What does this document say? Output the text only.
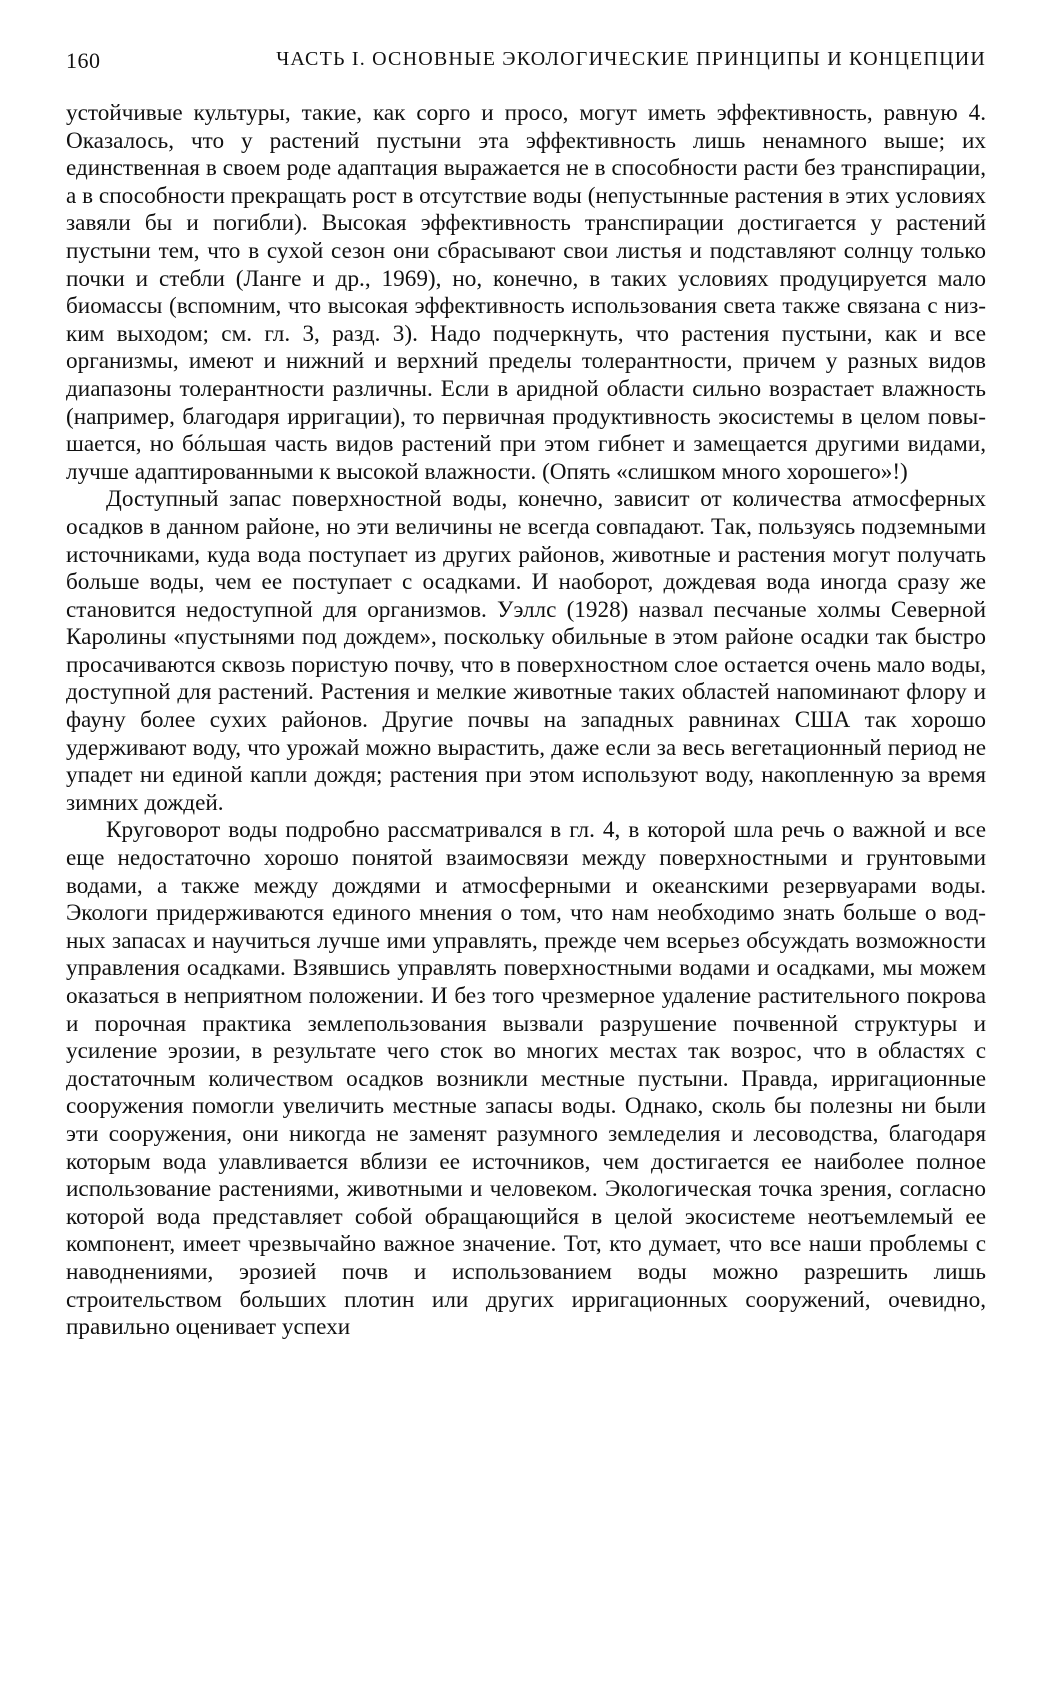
160	ЧАСТЬ I. ОСНОВНЫЕ ЭКОЛОГИЧЕСКИЕ ПРИНЦИПЫ И КОНЦЕПЦИИ

устойчивые культуры, такие, как сорго и просо, могут иметь эффективность, равную 4. Оказалось, что у растений пустыни эта эффективность лишь ненамного выше; их единственная в своем роде адаптация выражается не в способности расти без транспирации, а в способности прекращать рост в отсутствие воды (непустынные растения в этих условиях завяли бы и погибли). Высокая эффективность транспирации достигается у растений пустыни тем, что в сухой сезон они сбрасывают свои листья и подставляют солнцу только почки и стебли (Ланге и др., 1969), но, конечно, в таких условиях продуцируется мало биомассы (вспомним, что высокая эффективность использования света также связана с низким выходом; см. гл. 3, разд. 3). Надо подчеркнуть, что растения пустыни, как и все организмы, имеют и нижний и верхний пределы толерантности, причем у разных видов диапазоны толерантности различны. Если в аридной области сильно возрастает влажность (например, благодаря ирригации), то первичная продуктивность экосистемы в целом повышается, но бóльшая часть видов растений при этом гибнет и замещается другими видами, лучше адаптированными к высокой влажности. (Опять «слишком много хорошего»!)

Доступный запас поверхностной воды, конечно, зависит от количества атмосферных осадков в данном районе, но эти величины не всегда совпадают. Так, пользуясь подземными источниками, куда вода поступает из других районов, животные и растения могут получать больше воды, чем ее поступает с осадками. И наоборот, дождевая вода иногда сразу же становится недоступной для организмов. Уэллс (1928) назвал песчаные холмы Северной Каролины «пустынями под дождем», поскольку обильные в этом районе осадки так быстро просачиваются сквозь пористую почву, что в поверхностном слое остается очень мало воды, доступной для растений. Растения и мелкие животные таких областей напоминают флору и фауну более сухих районов. Другие почвы на западных равнинах США так хорошо удерживают воду, что урожай можно вырастить, даже если за весь вегетационный период не упадет ни единой капли дождя; растения при этом используют воду, накопленную за время зимних дождей.

Круговорот воды подробно рассматривался в гл. 4, в которой шла речь о важной и все еще недостаточно хорошо понятой взаимосвязи между поверхностными и грунтовыми водами, а также между дождями и атмосферными и океанскими резервуарами воды. Экологи придерживаются единого мнения о том, что нам необходимо знать больше о водных запасах и научиться лучше ими управлять, прежде чем всерьез обсуждать возможности управления осадками. Взявшись управлять поверхностными водами и осадками, мы можем оказаться в неприятном положении. И без того чрезмерное удаление растительного покрова и порочная практика землепользования вызвали разрушение почвенной структуры и усиление эрозии, в результате чего сток во многих местах так возрос, что в областях с достаточным количеством осадков возникли местные пустыни. Правда, ирригационные сооружения помогли увеличить местные запасы воды. Однако, сколь бы полезны ни были эти сооружения, они никогда не заменят разумного земледелия и лесоводства, благодаря которым вода улавливается вблизи ее источников, чем достигается ее наиболее полное использование растениями, животными и человеком. Экологическая точка зрения, согласно которой вода представляет собой обращающийся в целой экосистеме неотъемлемый ее компонент, имеет чрезвычайно важное значение. Тот, кто думает, что все наши проблемы с наводнениями, эрозией почв и использованием воды можно разрешить лишь строительством больших плотин или других ирригационных сооружений, очевидно, правильно оценивает успехи
